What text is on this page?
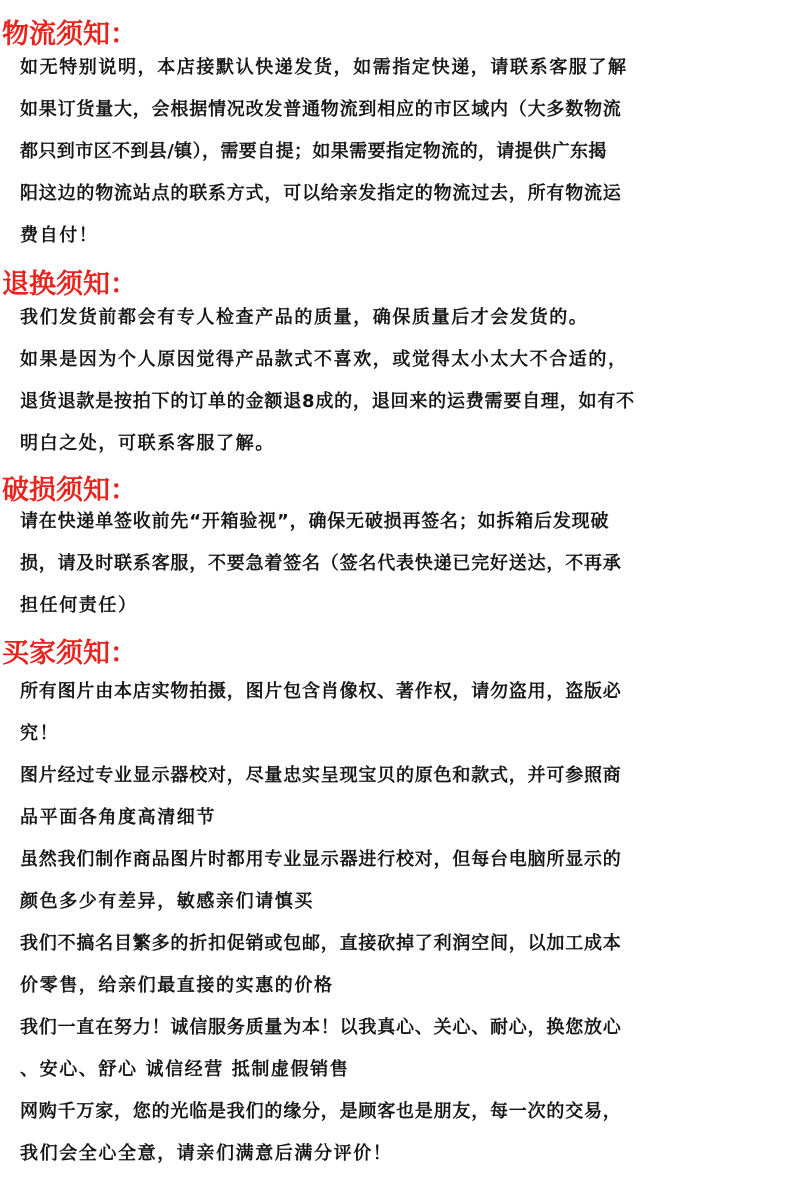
物流须知：

如无特别说明，本店接默认快递发货，如需指定快递，请联系客服了解

如果订货量大，会根据情况改发普通物流到相应的市区域内（大多数物流

都只到市区不到县/镇），需要自提；如果需要指定物流的，请提供广东揭

阳这边的物流站点的联系方式，可以给亲发指定的物流过去，所有物流运

费自付！

退换须知：

我们发货前都会有专人检查产品的质量，确保质量后才会发货的。

如果是因为个人原因觉得产品款式不喜欢，或觉得太小太大不合适的，

退货退款是按拍下的订单的金额退8成的，退回来的运费需要自理，如有不

明白之处，可联系客服了解。

破损须知：

请在快递单签收前先“开箱验视”，确保无破损再签名；如拆箱后发现破

损，请及时联系客服，不要急着签名（签名代表快递已完好送达，不再承

担任何责任）

买家须知：

所有图片由本店实物拍摄，图片包含肖像权、著作权，请勿盗用，盗版必

究！

图片经过专业显示器校对，尽量忠实呈现宝贝的原色和款式，并可参照商

品平面各角度高清细节

虽然我们制作商品图片时都用专业显示器进行校对，但每台电脑所显示的

颜色多少有差异，敏感亲们请慎买

我们不搞名目繁多的折扣促销或包邮，直接砍掉了利润空间，以加工成本

价零售，给亲们最直接的实惠的价格

我们一直在努力！诚信服务质量为本！以我真心、关心、耐心，换您放心

、安心、舒心 诚信经营 抵制虚假销售

网购千万家，您的光临是我们的缘分，是顾客也是朋友，每一次的交易，

我们会全心全意，请亲们满意后满分评价！
